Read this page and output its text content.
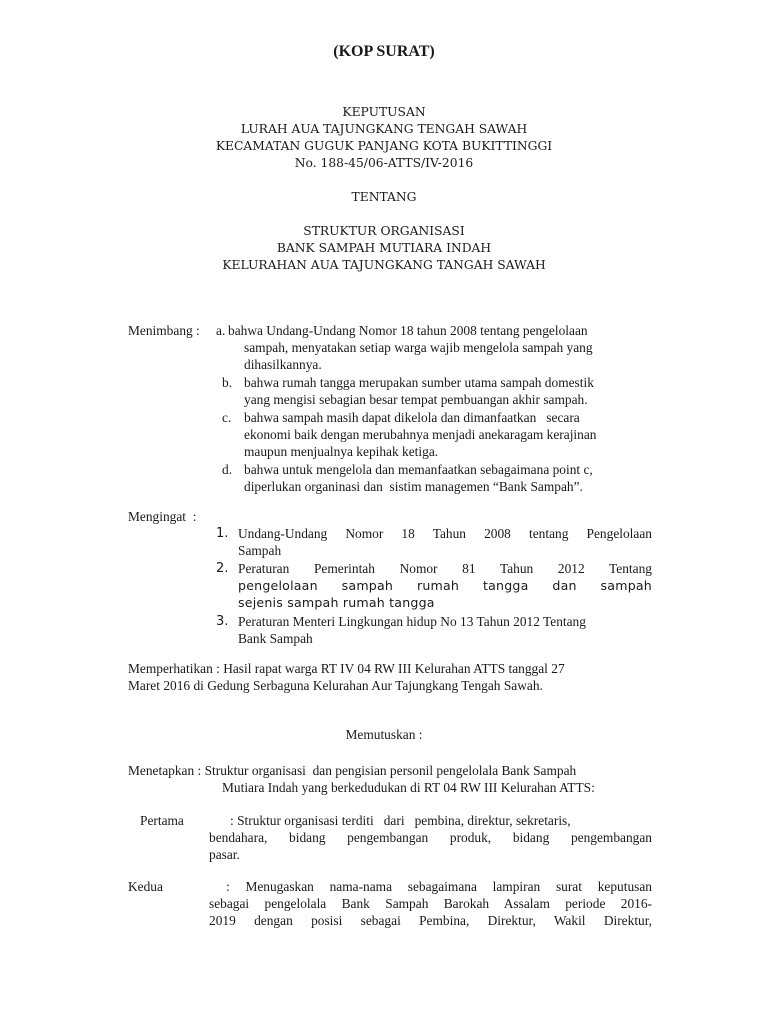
(KOP SURAT)
KEPUTUSAN
LURAH AUA TAJUNGKANG TENGAH SAWAH
KECAMATAN GUGUK PANJANG KOTA BUKITTINGGI
No. 188-45/06-ATTS/IV-2016
TENTANG
STRUKTUR ORGANISASI
BANK SAMPAH MUTIARA INDAH
KELURAHAN AUA TAJUNGKANG TANGAH SAWAH
Menimbang : a. bahwa Undang-Undang Nomor 18 tahun 2008 tentang pengelolaan
sampah, menyatakan setiap warga wajib mengelola sampah yang
dihasilkannya.
b. bahwa rumah tangga merupakan sumber utama sampah domestik
yang mengisi sebagian besar tempat pembuangan akhir sampah.
c. bahwa sampah masih dapat dikelola dan dimanfaatkan   secara
ekonomi baik dengan merubahnya menjadi anekaragam kerajinan
maupun menjualnya kepihak ketiga.
d. bahwa untuk mengelola dan memanfaatkan sebagaimana point c,
diperlukan organinasi dan  sistim managemen “Bank Sampah”.
Mengingat  :
1. Undang-Undang Nomor 18 Tahun 2008 tentang Pengelolaan
Sampah
2. Peraturan Pemerintah Nomor 81 Tahun 2012 Tentang
pengelolaan sampah rumah tangga dan sampah
sejenis sampah rumah tangga
3. Peraturan Menteri Lingkungan hidup No 13 Tahun 2012 Tentang
Bank Sampah
Memperhatikan : Hasil rapat warga RT IV 04 RW III Kelurahan ATTS tanggal 27
Maret 2016 di Gedung Serbaguna Kelurahan Aur Tajungkang Tengah Sawah.
Memutuskan :
Menetapkan : Struktur organisasi  dan pengisian personil pengelolala Bank Sampah
Mutiara Indah yang berkedudukan di RT 04 RW III Kelurahan ATTS:
Pertama	: Struktur organisasi terditi   dari   pembina, direktur, sekretaris,
bendahara, bidang pengembangan produk, bidang pengembangan
pasar.
Kedua	: Menugaskan nama-nama sebagaimana lampiran surat keputusan
sebagai pengelolala Bank Sampah Barokah Assalam periode 2016-
2019 dengan posisi sebagai Pembina, Direktur, Wakil Direktur,
